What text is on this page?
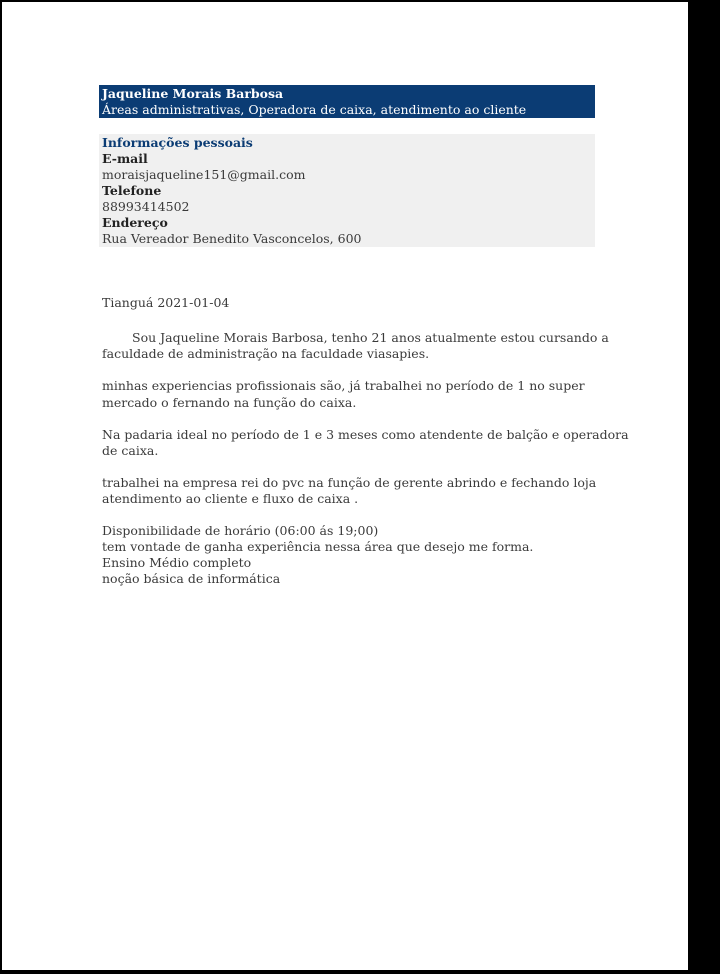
Jaqueline Morais Barbosa
Áreas administrativas, Operadora de caixa, atendimento ao cliente
Informações pessoais
E-mail
moraisjaqueline151@gmail.com
Telefone
88993414502
Endereço
Rua Vereador Benedito Vasconcelos, 600
Tianguá 2021-01-04
Sou Jaqueline Morais Barbosa, tenho 21 anos atualmente estou cursando a
faculdade de administração na faculdade viasapies.
minhas experiencias profissionais são, já trabalhei no período de 1 no super
mercado o fernando na função do caixa.
Na padaria ideal no período de 1 e 3 meses como atendente de balção e operadora
de caixa.
trabalhei na empresa rei do pvc na função de gerente abrindo e fechando loja
atendimento ao cliente e fluxo de caixa .
Disponibilidade de horário (06:00 ás 19;00)
tem vontade de ganha experiência nessa área que desejo me forma.
Ensino Médio completo
noção básica de informática
